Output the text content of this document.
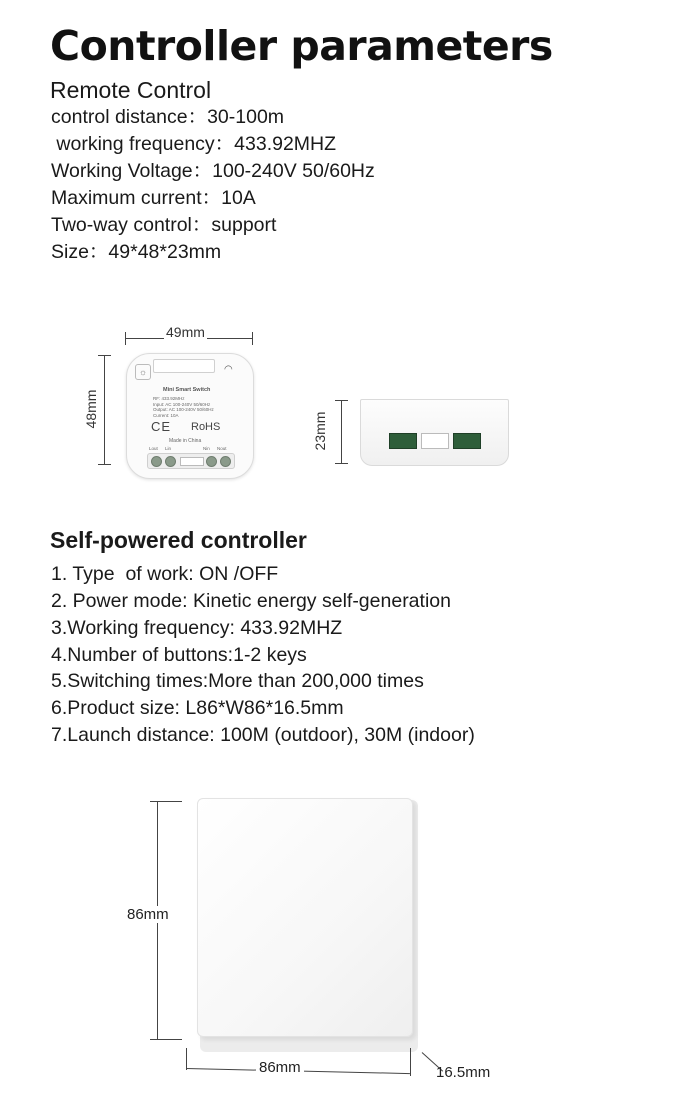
Controller parameters
Remote Control
control distance：30-100m
working frequency：433.92MHZ
Working Voltage：100-240V 50/60Hz
Maximum current：10A
Two-way control：support
Size：49*48*23mm
49mm
48mm
☼	◠
Mini Smart Switch
RF: 433.92MHz
Input: AC 100-240V 50/60Hz
Output: AC 100-240V 50/60Hz
Current: 10A
CE RoHS
Made in China
Lout Lin	Nin Nout	23mm
Self-powered controller
1. Type  of work: ON /OFF
2. Power mode: Kinetic energy self-generation
3.Working frequency: 433.92MHZ
4.Number of buttons:1-2 keys
5.Switching times:More than 200,000 times
6.Product size: L86*W86*16.5mm
7.Launch distance: 100M (outdoor), 30M (indoor)
86mm
86mm	16.5mm
